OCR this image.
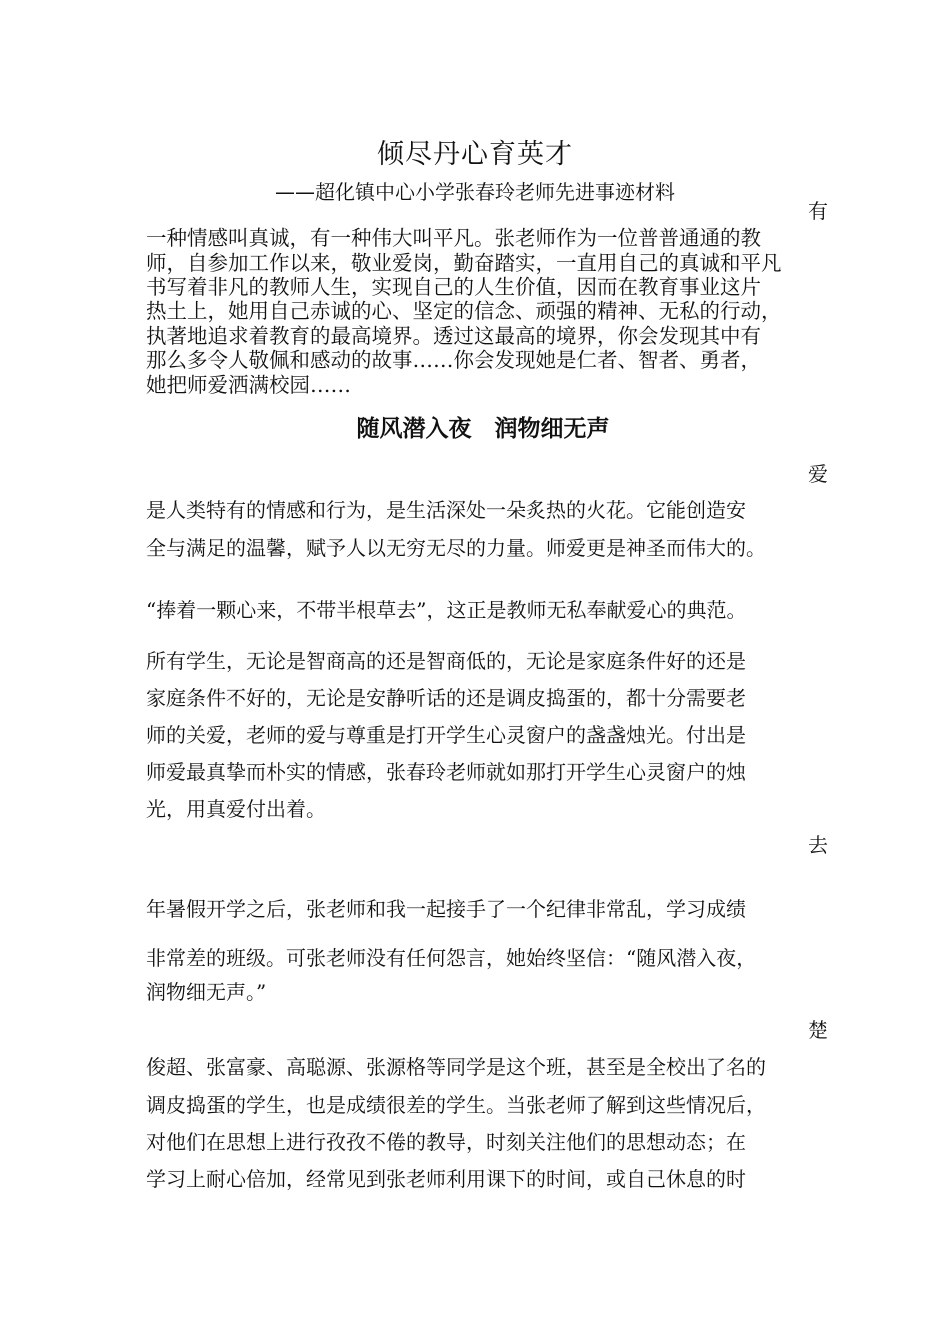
倾尽丹心育英才
——超化镇中心小学张春玲老师先进事迹材料
有
一种情感叫真诚，有一种伟大叫平凡。张老师作为一位普普通通的教
师，自参加工作以来，敬业爱岗，勤奋踏实，一直用自己的真诚和平凡
书写着非凡的教师人生，实现自己的人生价值，因而在教育事业这片
热土上，她用自己赤诚的心、坚定的信念、顽强的精神、无私的行动，
执著地追求着教育的最高境界。透过这最高的境界，你会发现其中有
那么多令人敬佩和感动的故事……你会发现她是仁者、智者、勇者，
她把师爱洒满校园……
随风潜入夜　润物细无声
爱
是人类特有的情感和行为，是生活深处一朵炙热的火花。它能创造安
全与满足的温馨，赋予人以无穷无尽的力量。师爱更是神圣而伟大的。
“捧着一颗心来，不带半根草去”，这正是教师无私奉献爱心的典范。
所有学生，无论是智商高的还是智商低的，无论是家庭条件好的还是
家庭条件不好的，无论是安静听话的还是调皮捣蛋的，都十分需要老
师的关爱，老师的爱与尊重是打开学生心灵窗户的盏盏烛光。付出是
师爱最真挚而朴实的情感，张春玲老师就如那打开学生心灵窗户的烛
光，用真爱付出着。
去
年暑假开学之后，张老师和我一起接手了一个纪律非常乱，学习成绩
非常差的班级。可张老师没有任何怨言，她始终坚信：“随风潜入夜，
润物细无声。”
楚
俊超、张富豪、高聪源、张源格等同学是这个班，甚至是全校出了名的
调皮捣蛋的学生，也是成绩很差的学生。当张老师了解到这些情况后，
对他们在思想上进行孜孜不倦的教导，时刻关注他们的思想动态；在
学习上耐心倍加，经常见到张老师利用课下的时间，或自己休息的时
